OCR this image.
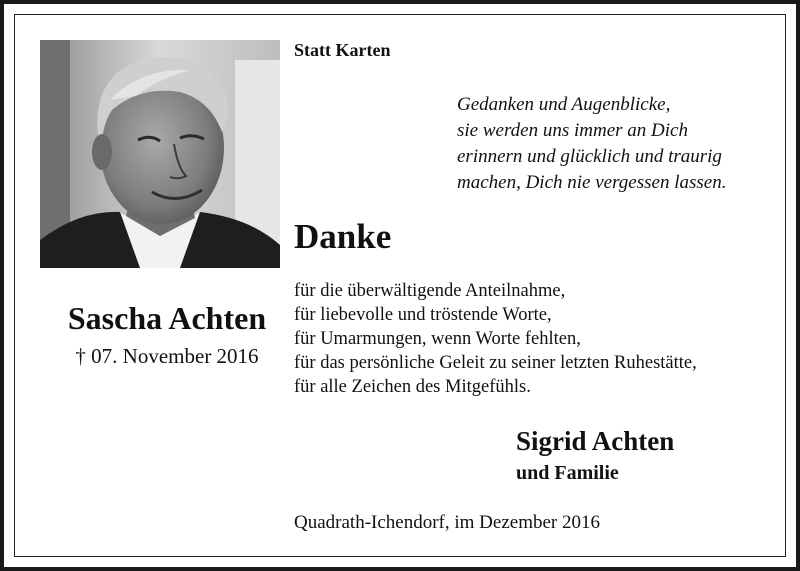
Sascha Achten
† 07. November 2016
Statt Karten
Gedanken und Augenblicke,
sie werden uns immer an Dich
erinnern und glücklich und traurig
machen, Dich nie vergessen lassen.
Danke
für die überwältigende Anteilnahme,
für liebevolle und tröstende Worte,
für Umarmungen, wenn Worte fehlten,
für das persönliche Geleit zu seiner letzten Ruhestätte,
für alle Zeichen des Mitgefühls.
Sigrid Achten
und Familie
Quadrath-Ichendorf, im Dezember 2016
